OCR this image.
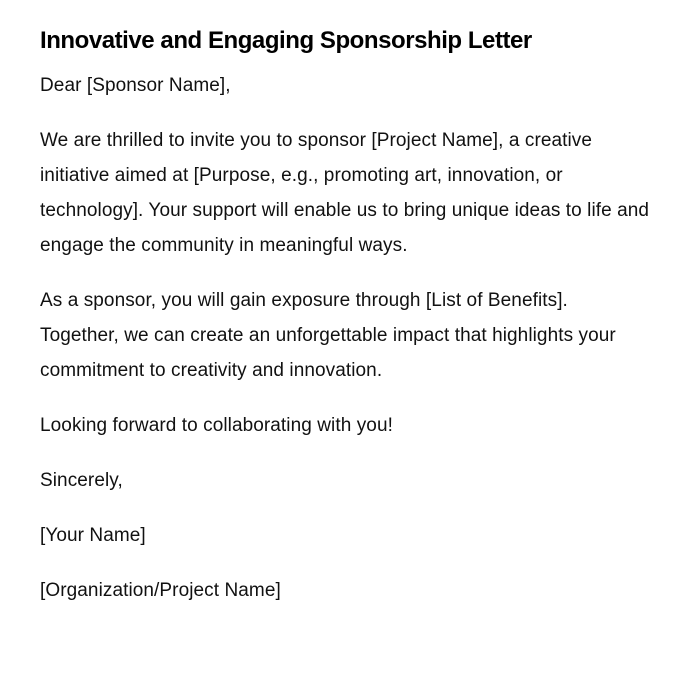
Innovative and Engaging Sponsorship Letter

Dear [Sponsor Name],

We are thrilled to invite you to sponsor [Project Name], a creative initiative aimed at [Purpose, e.g., promoting art, innovation, or technology]. Your support will enable us to bring unique ideas to life and engage the community in meaningful ways.

As a sponsor, you will gain exposure through [List of Benefits]. Together, we can create an unforgettable impact that highlights your commitment to creativity and innovation.

Looking forward to collaborating with you!

Sincerely,

[Your Name]

[Organization/Project Name]
